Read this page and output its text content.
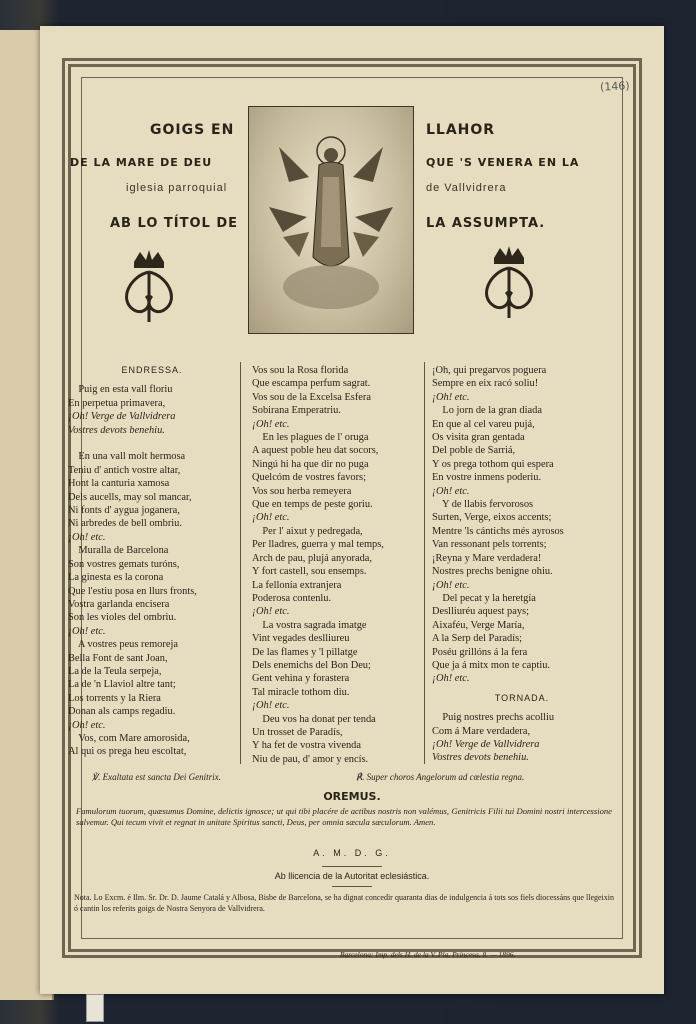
(146)
GOIGS EN	LLAHOR
DE LA MARE DE DEU	QUE 'S VENERA EN LA
iglesia parroquial	de Vallvidrera
AB LO TÍTOL DE	LA ASSUMPTA.
ENDRESSA.
Puig en esta vall floriu
En perpetua primavera,
¡Oh! Verge de Vallvidrera
Vostres devots benehiu.

En una vall molt hermosa
Teniu d' antich vostre altar,
Hont la canturia xamosa
Dels aucells, may sol mancar,
Ni fonts d' aygua joganera,
Ni arbredes de bell ombriu.
¡Oh! etc.
Muralla de Barcelona
Son vostres gemats turóns,
La ginesta es la corona
Que l'estiu posa en llurs fronts,
Vostra garlanda encisera
Son les violes del ombriu.
¡Oh! etc.
A vostres peus remoreja
Bella Font de sant Joan,
La de la Teula serpeja,
La de 'n Llaviol altre tant;
Los torrents y la Riera
Donan als camps regadiu.
¡Oh! etc.
Vos, com Mare amorosida,
Al qui os prega heu escoltat,
Vos sou la Rosa florida
Que escampa perfum sagrat.
Vos sou de la Excelsa Esfera
Sobirana Emperatriu.
¡Oh! etc.
En les plagues de l' oruga
A aquest poble heu dat socors,
Ningú hi ha que dir no puga
Quelcóm de vostres favors;
Vos sou herba remeyera
Que en temps de peste goriu.
¡Oh! etc.
Per l' aixut y pedregada,
Per lladres, guerra y mal temps,
Arch de pau, plujá anyorada,
Y fort castell, sou ensemps.
La fellonía extranjera
Poderosa contenlu.
¡Oh! etc.
La vostra sagrada imatge
Vint vegades deslliureu
De las flames y 'l pillatge
Dels enemichs del Bon Deu;
Gent vehina y forastera
Tal miracle tothom diu.
¡Oh! etc.
Deu vos ha donat per tenda
Un trosset de Paradís,
Y ha fet de vostra vivenda
Niu de pau, d' amor y encís.
¡Oh, qui pregarvos poguera
Sempre en eix racó soliu!
¡Oh! etc.
Lo jorn de la gran diada
En que al cel vareu pujá,
Os visita gran gentada
Del poble de Sarriá,
Y os prega tothom qui espera
En vostre inmens poderiu.
¡Oh! etc.
Y de llabis fervorosos
Surten, Verge, eixos accents;
Mentre 'ls cántichs més ayrosos
Van ressonant pels torrents;
¡Reyna y Mare verdadera!
Nostres prechs benigne ohiu.
¡Oh! etc.
Del pecat y la heretgía
Deslliuréu aquest pays;
Aixaféu, Verge María,
A la Serp del Paradís;
Poséu grillóns á la fera
Que ja á mitx mon te captiu.
¡Oh! etc.
TORNADA.
Puig nostres prechs acolliu
Com á Mare verdadera,
¡Oh! Verge de Vallvidrera
Vostres devots benehiu.
℣. Exaltata est sancta Dei Genitrix.	℟. Super choros Angelorum ad cœlestia regna.
OREMUS.
Famulorum tuorum, quæsumus Domine, delictis ignosce; ut qui tibi placére de actibus nostris non valémus, Genitricis Filii tui Domini nostri intercessione salvemur. Qui tecum vivit et regnat in unitate Spiritus sancti, Deus, per omnia sæcula sæculorum. Amen.
A. M. D. G.
Ab llicencia de la Autoritat eclesiástica.
Nota. Lo Excm. é Ilm. Sr. Dr. D. Jaume Catalá y Albosa, Bisbe de Barcelona, se ha dignat concedir quaranta dias de indulgencia á tots sos fiels diocessáns que llegeixin ó cantin los referits goigs de Nostra Senyora de Vallvidrera.
Barcelona: Imp. dels H. de la V. Pla, Princesa, 8. — 1896.
